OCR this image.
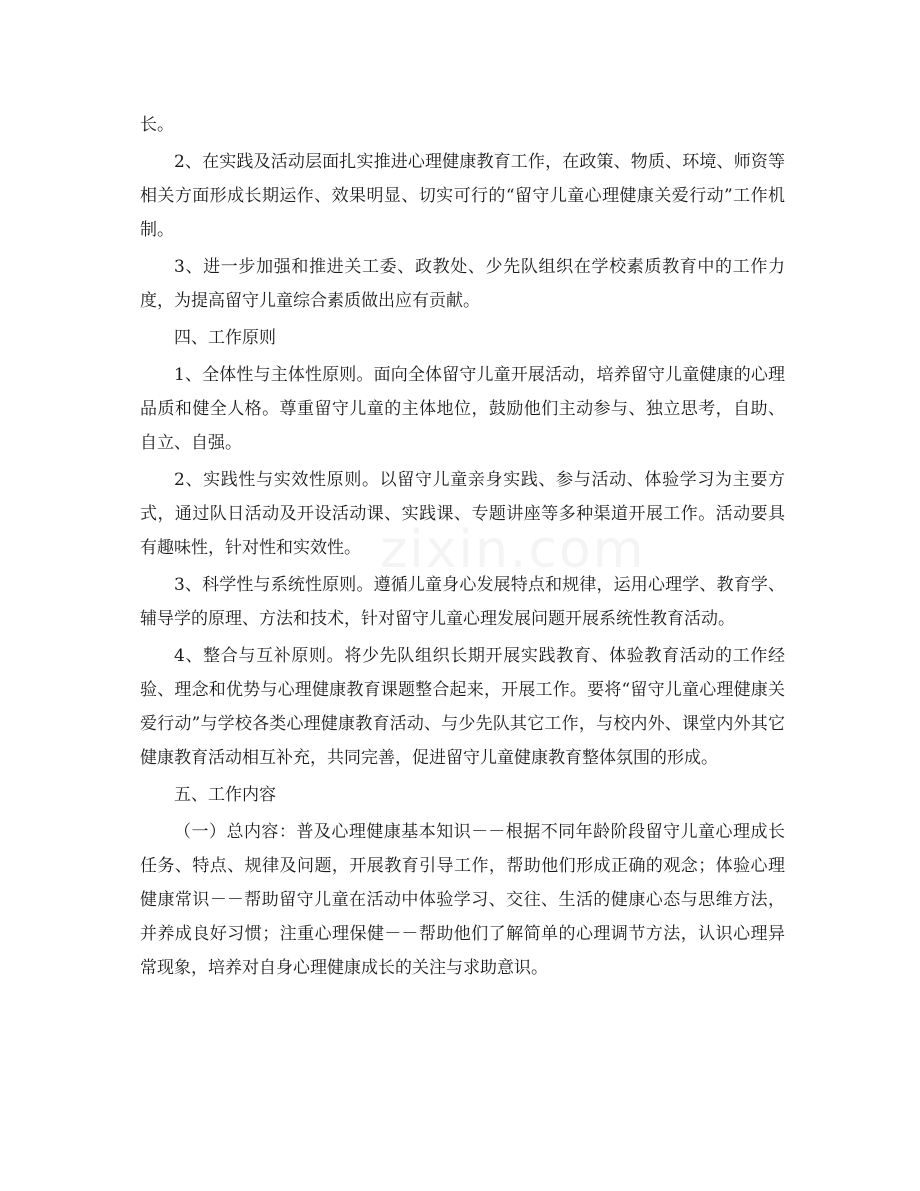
长。

2、在实践及活动层面扎实推进心理健康教育工作，在政策、物质、环境、师资等相关方面形成长期运作、效果明显、切实可行的“留守儿童心理健康关爱行动”工作机制。

3、进一步加强和推进关工委、政教处、少先队组织在学校素质教育中的工作力度，为提高留守儿童综合素质做出应有贡献。

四、工作原则

1、全体性与主体性原则。面向全体留守儿童开展活动，培养留守儿童健康的心理品质和健全人格。尊重留守儿童的主体地位，鼓励他们主动参与、独立思考，自助、自立、自强。

2、实践性与实效性原则。以留守儿童亲身实践、参与活动、体验学习为主要方式，通过队日活动及开设活动课、实践课、专题讲座等多种渠道开展工作。活动要具有趣味性，针对性和实效性。

3、科学性与系统性原则。遵循儿童身心发展特点和规律，运用心理学、教育学、辅导学的原理、方法和技术，针对留守儿童心理发展问题开展系统性教育活动。

4、整合与互补原则。将少先队组织长期开展实践教育、体验教育活动的工作经验、理念和优势与心理健康教育课题整合起来，开展工作。要将“留守儿童心理健康关爱行动”与学校各类心理健康教育活动、与少先队其它工作，与校内外、课堂内外其它健康教育活动相互补充，共同完善，促进留守儿童健康教育整体氛围的形成。

五、工作内容

（一）总内容：普及心理健康基本知识－－根据不同年龄阶段留守儿童心理成长任务、特点、规律及问题，开展教育引导工作，帮助他们形成正确的观念；体验心理健康常识－－帮助留守儿童在活动中体验学习、交往、生活的健康心态与思维方法，并养成良好习惯；注重心理保健－－帮助他们了解简单的心理调节方法，认识心理异常现象，培养对自身心理健康成长的关注与求助意识。

zixin.com
